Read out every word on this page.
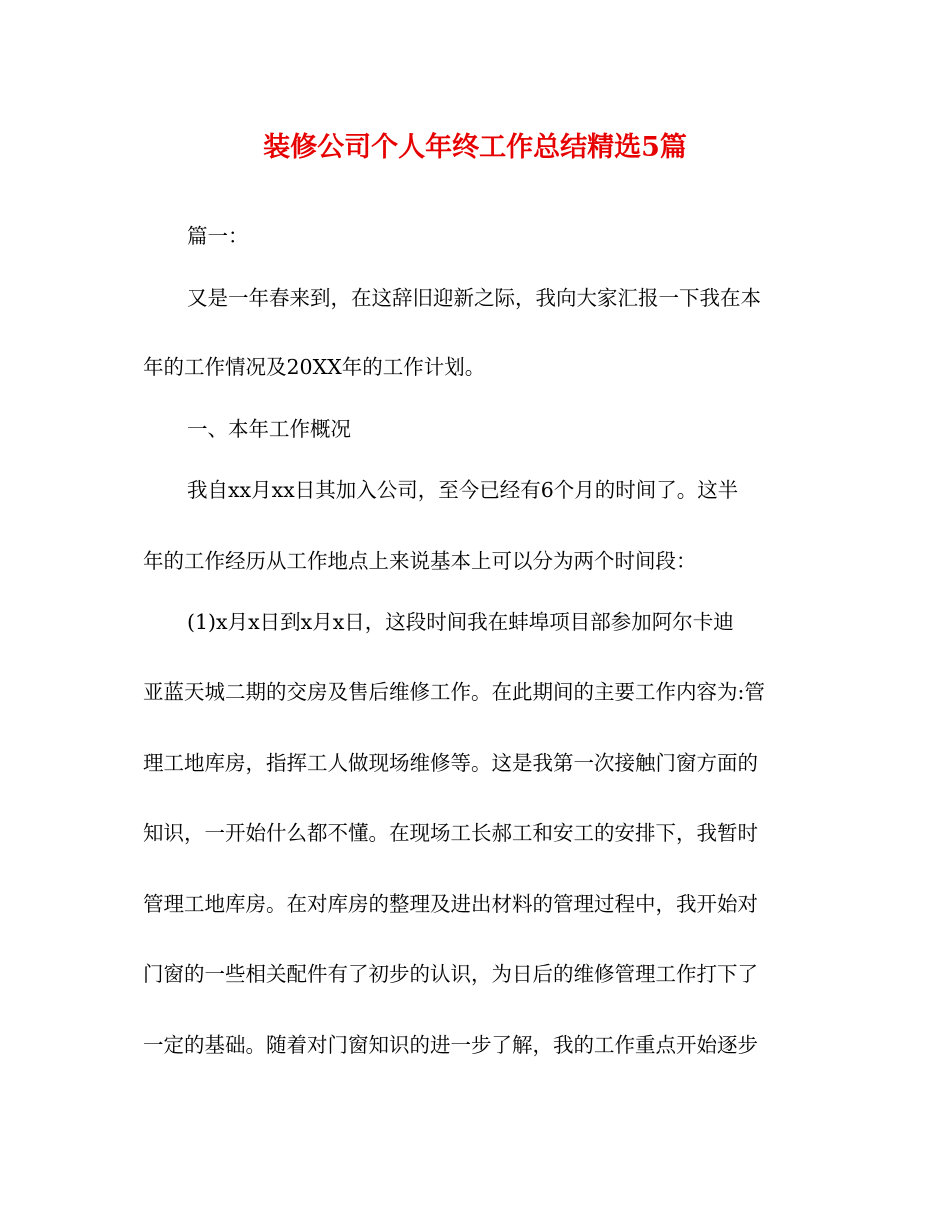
装修公司个人年终工作总结精选5篇
篇一：
又是一年春来到，在这辞旧迎新之际，我向大家汇报一下我在本
年的工作情况及20XX年的工作计划。
一、本年工作概况
我自xx月xx日其加入公司，至今已经有6个月的时间了。这半
年的工作经历从工作地点上来说基本上可以分为两个时间段：
(1)x月x日到x月x日，这段时间我在蚌埠项目部参加阿尔卡迪
亚蓝天城二期的交房及售后维修工作。在此期间的主要工作内容为:管
理工地库房，指挥工人做现场维修等。这是我第一次接触门窗方面的
知识，一开始什么都不懂。在现场工长郝工和安工的安排下，我暂时
管理工地库房。在对库房的整理及进出材料的管理过程中，我开始对
门窗的一些相关配件有了初步的认识，为日后的维修管理工作打下了
一定的基础。随着对门窗知识的进一步了解，我的工作重点开始逐步
